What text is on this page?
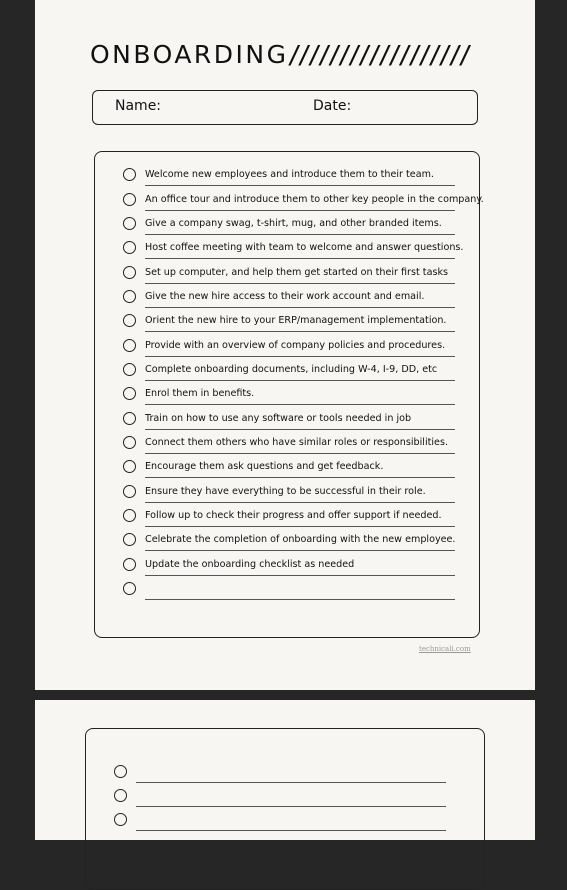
ONBOARDING
//////////////////
Name:	Date:
Welcome new employees and introduce them to their team.
An office tour and introduce them to other key people in the company.
Give a company swag, t-shirt, mug, and other branded items.
Host coffee meeting with team to welcome and answer questions.
Set up computer, and help them get started on their first tasks
Give the new hire access to their work account and email.
Orient the new hire to your ERP/management implementation.
Provide with an overview of company policies and procedures.
Complete onboarding documents, including W-4, I-9, DD, etc
Enrol them in benefits.
Train on how to use any software or tools needed in job
Connect them others who have similar roles or responsibilities.
Encourage them ask questions and get feedback.
Ensure they have everything to be successful in their role.
Follow up to check their progress and offer support if needed.
Celebrate the completion of onboarding with the new employee.
Update the onboarding checklist as needed
technicali.com
